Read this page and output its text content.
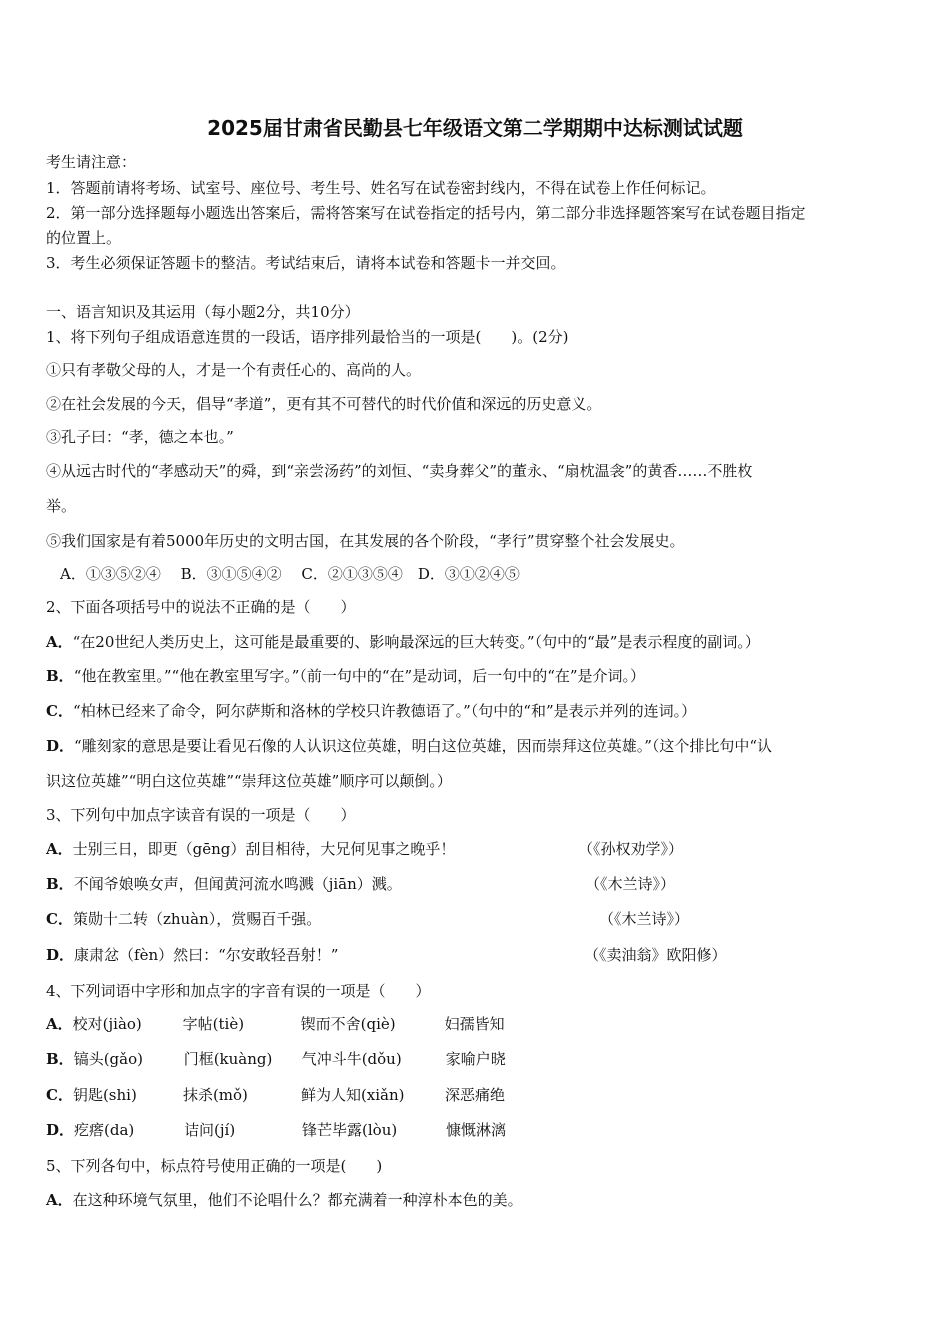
2025届甘肃省民勤县七年级语文第二学期期中达标测试试题
考生请注意：
1．答题前请将考场、试室号、座位号、考生号、姓名写在试卷密封线内，不得在试卷上作任何标记。
2．第一部分选择题每小题选出答案后，需将答案写在试卷指定的括号内，第二部分非选择题答案写在试卷题目指定
的位置上。
3．考生必须保证答题卡的整洁。考试结束后，请将本试卷和答题卡一并交回。
一、语言知识及其运用（每小题2分，共10分）
1、将下列句子组成语意连贯的一段话，语序排列最恰当的一项是(　　)。(2分)
①只有孝敬父母的人，才是一个有责任心的、高尚的人。
②在社会发展的今天，倡导“孝道”，更有其不可替代的时代价值和深远的历史意义。
③孔子曰：“孝，德之本也。”
④从远古时代的“孝感动天”的舜，到“亲尝汤药”的刘恒、“卖身葬父”的董永、“扇枕温衾”的黄香……不胜枚
举。
⑤我们国家是有着5000年历史的文明古国，在其发展的各个阶段，“孝行”贯穿整个社会发展史。
A．①③⑤②④　 B．③①⑤④②　 C．②①③⑤④　D．③①②④⑤
2、下面各项括号中的说法不正确的是（　　）
A．“在20世纪人类历史上，这可能是最重要的、影响最深远的巨大转变。”（句中的“最”是表示程度的副词。）
B．“他在教室里。”“他在教室里写字。”（前一句中的“在”是动词，后一句中的“在”是介词。）
C．“柏林已经来了命令，阿尔萨斯和洛林的学校只许教德语了。”（句中的“和”是表示并列的连词。）
D．“雕刻家的意思是要让看见石像的人认识这位英雄，明白这位英雄，因而崇拜这位英雄。”（这个排比句中“认
识这位英雄”“明白这位英雄”“崇拜这位英雄”顺序可以颠倒。）
3、下列句中加点字读音有误的一项是（　　）
A．士别三日，即更（gēng）刮目相待，大兄何见事之晚乎！	（《孙权劝学》）
B．不闻爷娘唤女声，但闻黄河流水鸣溅（jiān）溅。	（《木兰诗》）
C．策勋十二转（zhuàn），赏赐百千强。	（《木兰诗》）
D．康肃忿（fèn）然曰：“尔安敢轻吾射！”	（《卖油翁》欧阳修）
4、下列词语中字形和加点字的字音有误的一项是（　　）
A．校对(jiào)	字帖(tiè)	锲而不舍(qiè)	妇孺皆知
B．镐头(gǎo)	门框(kuàng) 气冲斗牛(dǒu)	家喻户晓
C．钥匙(shi)	抹杀(mǒ)	鲜为人知(xiǎn)	深恶痛绝
D．疙瘩(da)	诘问(jí)	锋芒毕露(lòu)	慷慨淋漓
5、下列各句中，标点符号使用正确的一项是(　　)
A．在这种环境气氛里，他们不论唱什么？都充满着一种淳朴本色的美。
